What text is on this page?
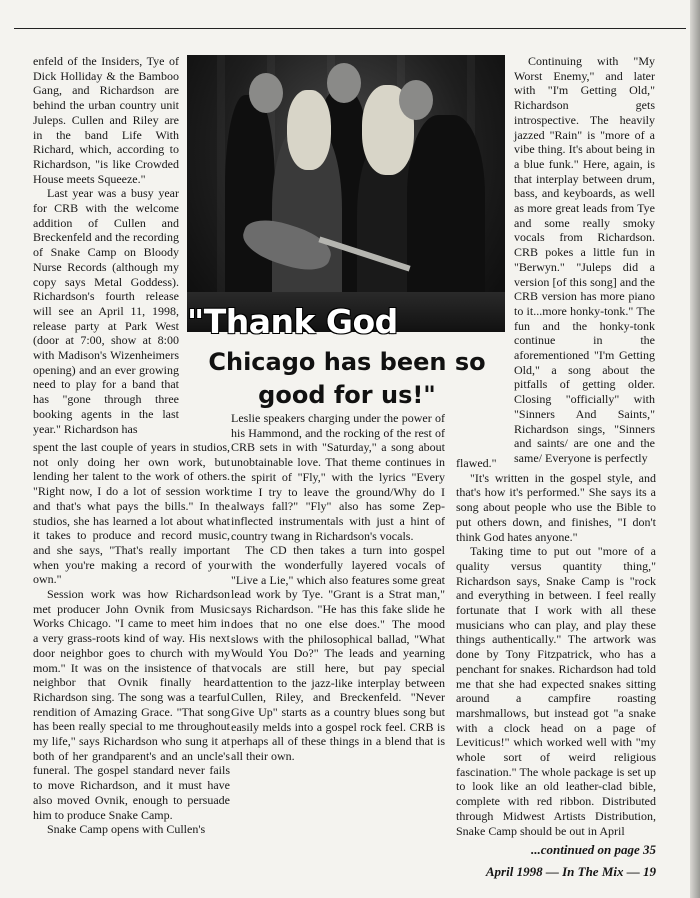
enfeld of the Insiders, Tye of Dick Holliday & the Bamboo Gang, and Richardson are behind the urban country unit Juleps. Cullen and Riley are in the band Life With Richard, which, according to Richardson, "is like Crowded House meets Squeeze."

Last year was a busy year for CRB with the welcome addition of Cullen and Breckenfeld and the recording of Snake Camp on Bloody Nurse Records (although my copy says Metal Goddess). Richardson's fourth release will see an April 11, 1998, release party at Park West (door at 7:00, show at 8:00 with Madison's Wizenheimers opening) and an ever growing need to play for a band that has "gone through three booking agents in the last year." Richardson has

"Thank God
Chicago has been so good for us!"

spent the last couple of years in studios, not only doing her own work, but lending her talent to the work of others. "Right now, I do a lot of session work and that's what pays the bills." In the studios, she has learned a lot about what it takes to produce and record music, and she says, "That's really important when you're making a record of your own."

Session work was how Richardson met producer John Ovnik from Music Works Chicago. "I came to meet him in a very grass-roots kind of way. His next door neighbor goes to church with my mom." It was on the insistence of that neighbor that Ovnik finally heard Richardson sing. The song was a tearful rendition of Amazing Grace. "That song has been really special to me throughout my life," says Richardson who sung it at both of her grandparent's and an uncle's funeral. The gospel standard never fails to move Richardson, and it must have also moved Ovnik, enough to persuade him to produce Snake Camp.

Snake Camp opens with Cullen's

Leslie speakers charging under the power of his Hammond, and the rocking of the rest of CRB sets in with "Saturday," a song about unobtainable love. That theme continues in the spirit of "Fly," with the lyrics "Every time I try to leave the ground/Why do I always fall?" "Fly" also has some Zep-inflected instrumentals with just a hint of country twang in Richardson's vocals.

The CD then takes a turn into gospel with the wonderfully layered vocals of "Live a Lie," which also features some great lead work by Tye. "Grant is a Strat man," says Richardson. "He has this fake slide he does that no one else does." The mood slows with the philosophical ballad, "What Would You Do?" The leads and yearning vocals are still here, but pay special attention to the jazz-like interplay between Cullen, Riley, and Breckenfeld. "Never Give Up" starts as a country blues song but easily melds into a gospel rock feel. CRB is perhaps all of these things in a blend that is all their own.

Continuing with "My Worst Enemy," and later with "I'm Getting Old," Richardson gets introspective. The heavily jazzed "Rain" is "more of a vibe thing. It's about being in a blue funk." Here, again, is that interplay between drum, bass, and keyboards, as well as more great leads from Tye and some really smoky vocals from Richardson. CRB pokes a little fun in "Berwyn." "Juleps did a version [of this song] and the CRB version has more piano to it...more honky-tonk." The fun and the honky-tonk continue in the aforementioned "I'm Getting Old," a song about the pitfalls of getting older. Closing "officially" with "Sinners And Saints," Richardson sings, "Sinners and saints/ are one and the same/ Everyone is perfectly

flawed."

"It's written in the gospel style, and that's how it's performed." She says its a song about people who use the Bible to put others down, and finishes, "I don't think God hates anyone."

Taking time to put out "more of a quality versus quantity thing," Richardson says, Snake Camp is "rock and everything in between. I feel really fortunate that I work with all these musicians who can play, and play these things authentically." The artwork was done by Tony Fitzpatrick, who has a penchant for snakes. Richardson had told me that she had expected snakes sitting around a campfire roasting marshmallows, but instead got "a snake with a clock head on a page of Leviticus!" which worked well with "my whole sort of weird religious fascination." The whole package is set up to look like an old leather-clad bible, complete with red ribbon. Distributed through Midwest Artists Distribution, Snake Camp should be out in April

...continued on page 35
April 1998 — In The Mix — 19
